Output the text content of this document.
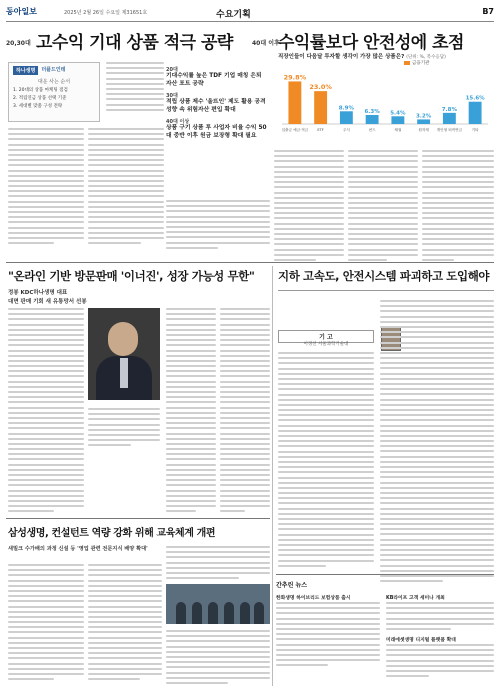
동아일보	2025년 2월 26일 수요일 제31651호	수요기획	B7
20,30대 고수익 기대 상품 적극 공략	40대 이후
수익률보다 안전성에 초점
하나생명	더플드인테
대운 사는 순서
1. 20대의 상품 마케팅 점검
2. 적립연금 상품 선택 기준
3. 세대별 맞춤 구성 전략
20대
기대수익률 높은 TDF 기업 매칭 은퇴 자산 포트 공략
30대
적립 상품 제수 '올뜨인' 제도 활용 공격 성향 속 위험자산 편입 확대
40대 이상
상품 구기 상품 투 사업자 비율 수익 50대 중반 이후 원금 보장형 확대 필요
직장인들이 다음달 투자할 생각이 가장 많은 상품은? (단위: %, 복수응답)
금융기관
29.8%
입출금 예금·적금
23.0%
ETF
8.9%
주식
6.3%
펀드
5.4%
채권
3.2%
원자재
7.8%
개인형 퇴직연금
15.6%
기타
"온라인 기반 방문판매 '이너진', 성장 가능성 무한"
정봉 KDC하나생명 대표
대면 판매 기회 새 유통망서 선봉
지하 고속도, 안전시스템 파괴하고 도입해야
기 고
이경선 서울과학기술대
삼성생명, 컨설턴트 역량 강화 위해 교육체계 개편
새밀크 수가배의 과정 신설 등 '영업 관련 전문지식 배양 확대'
간추린 뉴스
한화생명 하이브리드 보험상품 출시	KB라이프 고객 세미나 개최
미래에셋생명 디지털 플랫폼 확대
